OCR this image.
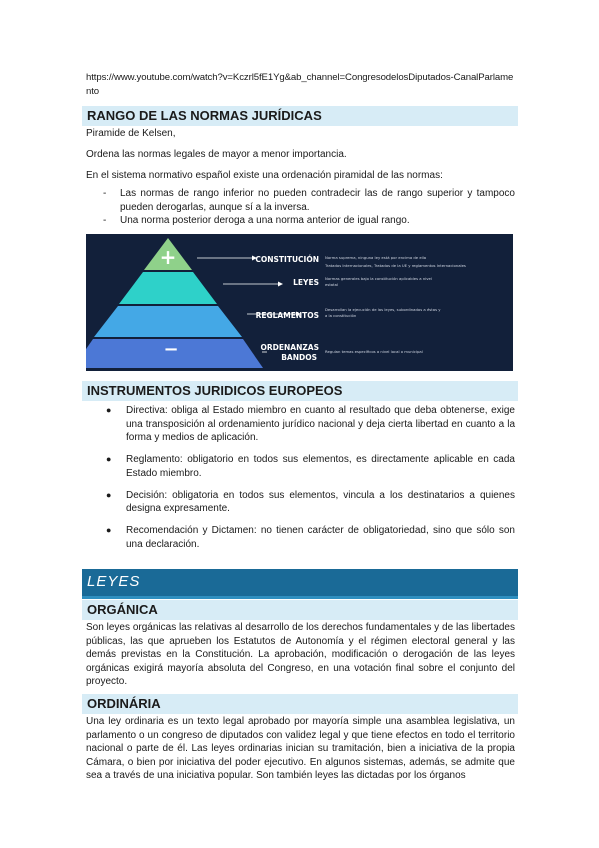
https://www.youtube.com/watch?v=Kczrl5fE1Yg&ab_channel=CongresodelosDiputados-CanalParlamento
RANGO DE LAS NORMAS JURÍDICAS
Piramide de Kelsen,
Ordena las normas legales de mayor a menor importancia.
En el sistema normativo español existe una ordenación piramidal de las normas:
- Las normas de rango inferior no pueden contradecir las de rango superior y tampoco pueden derogarlas, aunque sí a la inversa.
- Una norma posterior deroga a una norma anterior de igual rango.
+
−
CONSTITUCIÓN Norma suprema, ninguna ley está por encima de ella
Tratados Internacionales, Tratados de la UE y reglamentos Internacionales
LEYES Normas generales bajo la constitución aplicables a nivel
estatal
REGLAMENTOS
Desarrollan la ejecución de las leyes, subordinados a éstas y
a la constitución
ORDENANZAS
BANDOS
Regulan temas específicos a nivel local o municipal
INSTRUMENTOS JURIDICOS EUROPEOS
● Directiva: obliga al Estado miembro en cuanto al resultado que deba obtenerse, exige una transposición al ordenamiento jurídico nacional y deja cierta libertad en cuanto a la forma y medios de aplicación.
● Reglamento: obligatorio en todos sus elementos, es directamente aplicable en cada Estado miembro.
● Decisión: obligatoria en todos sus elementos, vincula a los destinatarios a quienes designa expresamente.
● Recomendación y Dictamen: no tienen carácter de obligatoriedad, sino que sólo son una declaración.
LEYES
ORGÁNICA
Son leyes orgánicas las relativas al desarrollo de los derechos fundamentales y de las libertades públicas, las que aprueben los Estatutos de Autonomía y el régimen electoral general y las demás previstas en la Constitución. La aprobación, modificación o derogación de las leyes orgánicas exigirá mayoría absoluta del Congreso, en una votación final sobre el conjunto del proyecto.
ORDINÁRIA
Una ley ordinaria es un texto legal aprobado por mayoría simple una asamblea legislativa, un parlamento o un congreso de diputados con validez legal y que tiene efectos en todo el territorio nacional o parte de él. Las leyes ordinarias inician su tramitación, bien a iniciativa de la propia Cámara, o bien por iniciativa del poder ejecutivo. En algunos sistemas, además, se admite que sea a través de una iniciativa popular. Son también leyes las dictadas por los órganos
